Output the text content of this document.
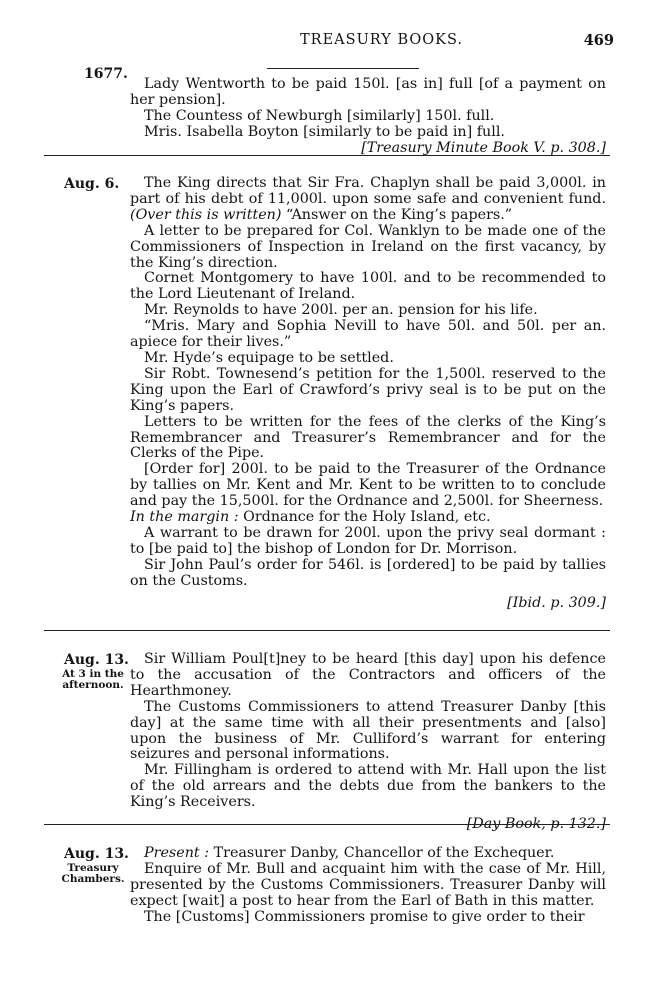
TREASURY BOOKS.	469
1677.

Lady Wentworth to be paid 150l. [as in] full [of a payment on her pension].

The Countess of Newburgh [similarly] 150l. full.

Mris. Isabella Boyton [similarly to be paid in] full.

[Treasury Minute Book V. p. 308.]

Aug. 6.	The King directs that Sir Fra. Chaplyn shall be paid 3,000l. in part of his debt of 11,000l. upon some safe and convenient fund. (Over this is written) “Answer on the King’s papers.”

A letter to be prepared for Col. Wanklyn to be made one of the Commissioners of Inspection in Ireland on the first vacancy, by the King’s direction.

Cornet Montgomery to have 100l. and to be recommended to the Lord Lieutenant of Ireland.

Mr. Reynolds to have 200l. per an. pension for his life.

“Mris. Mary and Sophia Nevill to have 50l. and 50l. per an. apiece for their lives.”

Mr. Hyde’s equipage to be settled.

Sir Robt. Townesend’s petition for the 1,500l. reserved to the King upon the Earl of Crawford’s privy seal is to be put on the King’s papers.

Letters to be written for the fees of the clerks of the King’s Remembrancer and Treasurer’s Remembrancer and for the Clerks of the Pipe.

[Order for] 200l. to be paid to the Treasurer of the Ordnance by tallies on Mr. Kent and Mr. Kent to be written to to conclude and pay the 15,500l. for the Ordnance and 2,500l. for Sheerness.

In the margin : Ordnance for the Holy Island, etc.

A warrant to be drawn for 200l. upon the privy seal dormant : to [be paid to] the bishop of London for Dr. Morrison.

Sir John Paul’s order for 546l. is [ordered] to be paid by tallies on the Customs.

[Ibid. p. 309.]

Aug. 13.
At 3 in the
afternoon.

Sir William Poul[t]ney to be heard [this day] upon his defence to the accusation of the Contractors and officers of the Hearthmoney.

The Customs Commissioners to attend Treasurer Danby [this day] at the same time with all their presentments and [also] upon the business of Mr. Culliford’s warrant for entering seizures and personal informations.

Mr. Fillingham is ordered to attend with Mr. Hall upon the list of the old arrears and the debts due from the bankers to the King’s Receivers.

[Day Book, p. 132.]

Aug. 13.
Treasury
Chambers.

Present : Treasurer Danby, Chancellor of the Exchequer.

Enquire of Mr. Bull and acquaint him with the case of Mr. Hill, presented by the Customs Commissioners. Treasurer Danby will expect [wait] a post to hear from the Earl of Bath in this matter.

The [Customs] Commissioners promise to give order to their
